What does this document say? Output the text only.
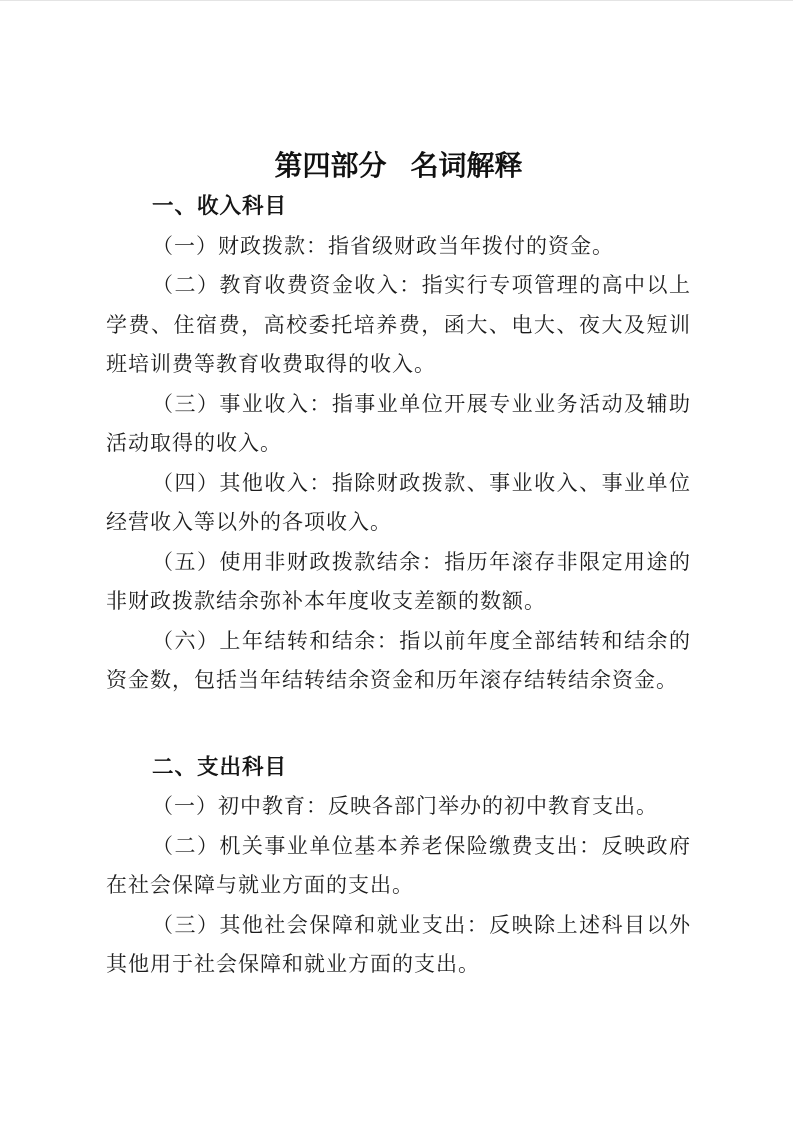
第四部分 名词解释
一、收入科目

（一）财政拨款：指省级财政当年拨付的资金。

（二）教育收费资金收入：指实行专项管理的高中以上学费、住宿费，高校委托培养费，函大、电大、夜大及短训班培训费等教育收费取得的收入。

（三）事业收入：指事业单位开展专业业务活动及辅助活动取得的收入。

（四）其他收入：指除财政拨款、事业收入、事业单位经营收入等以外的各项收入。

（五）使用非财政拨款结余：指历年滚存非限定用途的非财政拨款结余弥补本年度收支差额的数额。

（六）上年结转和结余：指以前年度全部结转和结余的资金数，包括当年结转结余资金和历年滚存结转结余资金。

二、支出科目

（一）初中教育：反映各部门举办的初中教育支出。

（二）机关事业单位基本养老保险缴费支出：反映政府在社会保障与就业方面的支出。

（三）其他社会保障和就业支出：反映除上述科目以外其他用于社会保障和就业方面的支出。
